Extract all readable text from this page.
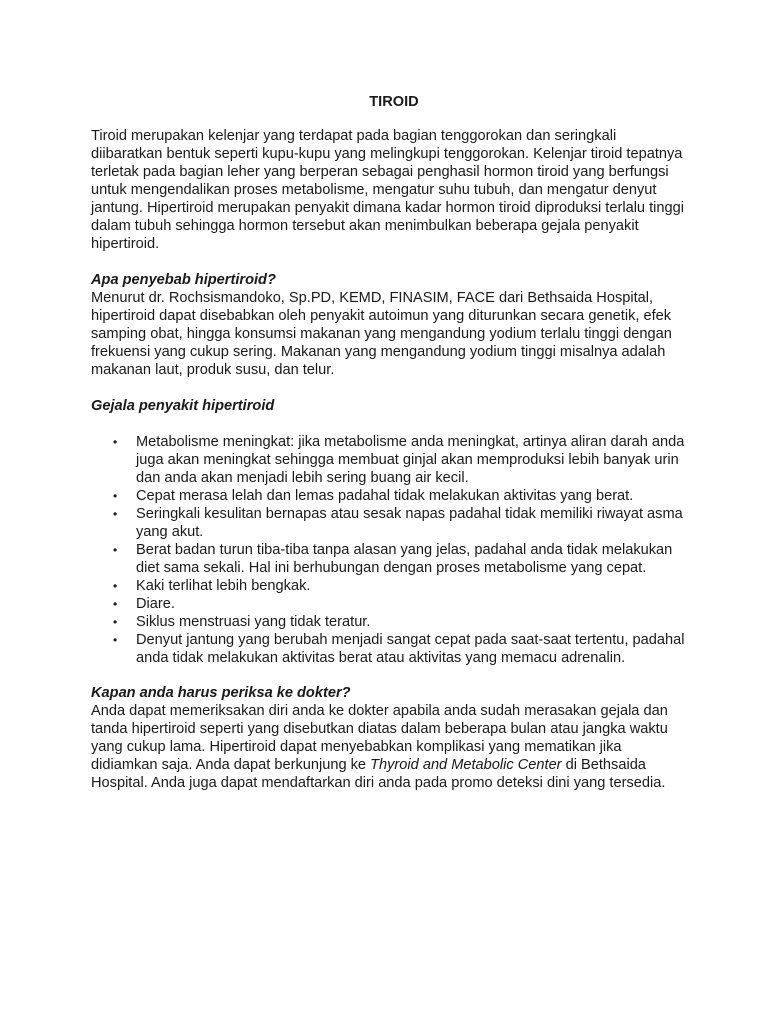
TIROID

Tiroid merupakan kelenjar yang terdapat pada bagian tenggorokan dan seringkali diibaratkan bentuk seperti kupu-kupu yang melingkupi tenggorokan. Kelenjar tiroid tepatnya terletak pada bagian leher yang berperan sebagai penghasil hormon tiroid yang berfungsi untuk mengendalikan proses metabolisme, mengatur suhu tubuh, dan mengatur denyut jantung. Hipertiroid merupakan penyakit dimana kadar hormon tiroid diproduksi terlalu tinggi dalam tubuh sehingga hormon tersebut akan menimbulkan beberapa gejala penyakit hipertiroid.

Apa penyebab hipertiroid?

Menurut dr. Rochsismandoko, Sp.PD, KEMD, FINASIM, FACE dari Bethsaida Hospital, hipertiroid dapat disebabkan oleh penyakit autoimun yang diturunkan secara genetik, efek samping obat, hingga konsumsi makanan yang mengandung yodium terlalu tinggi dengan frekuensi yang cukup sering. Makanan yang mengandung yodium tinggi misalnya adalah makanan laut, produk susu, dan telur.

Gejala penyakit hipertiroid

• Metabolisme meningkat: jika metabolisme anda meningkat, artinya aliran darah anda juga akan meningkat sehingga membuat ginjal akan memproduksi lebih banyak urin dan anda akan menjadi lebih sering buang air kecil.
• Cepat merasa lelah dan lemas padahal tidak melakukan aktivitas yang berat.
• Seringkali kesulitan bernapas atau sesak napas padahal tidak memiliki riwayat asma yang akut.
• Berat badan turun tiba-tiba tanpa alasan yang jelas, padahal anda tidak melakukan diet sama sekali. Hal ini berhubungan dengan proses metabolisme yang cepat.
• Kaki terlihat lebih bengkak.
• Diare.
• Siklus menstruasi yang tidak teratur.
• Denyut jantung yang berubah menjadi sangat cepat pada saat-saat tertentu, padahal anda tidak melakukan aktivitas berat atau aktivitas yang memacu adrenalin.

Kapan anda harus periksa ke dokter?

Anda dapat memeriksakan diri anda ke dokter apabila anda sudah merasakan gejala dan tanda hipertiroid seperti yang disebutkan diatas dalam beberapa bulan atau jangka waktu yang cukup lama. Hipertiroid dapat menyebabkan komplikasi yang mematikan jika didiamkan saja. Anda dapat berkunjung ke Thyroid and Metabolic Center di Bethsaida Hospital. Anda juga dapat mendaftarkan diri anda pada promo deteksi dini yang tersedia.
